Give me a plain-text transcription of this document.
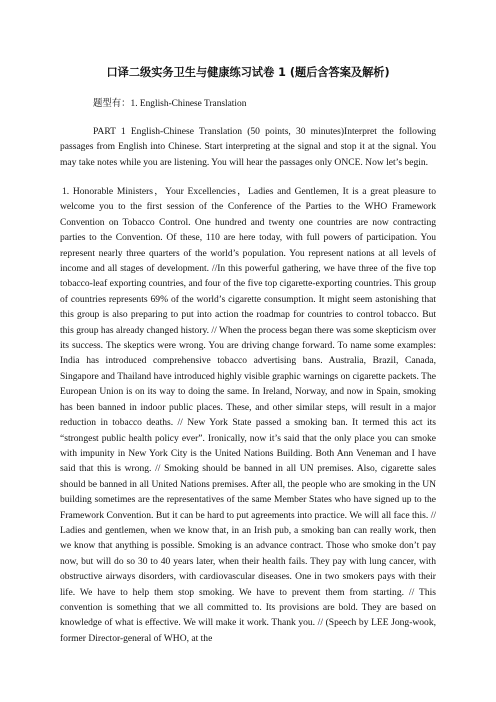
口译二级实务卫生与健康练习试卷 1 (题后含答案及解析)
题型有：1. English-Chinese Translation
PART 1 English-Chinese Translation (50 points, 30 minutes)Interpret the following passages from English into Chinese. Start interpreting at the signal and stop it at the signal. You may take notes while you are listening. You will hear the passages only ONCE. Now let’s begin.
1. Honorable Ministers，Your Excellencies，Ladies and Gentlemen, It is a great pleasure to welcome you to the first session of the Conference of the Parties to the WHO Framework Convention on Tobacco Control. One hundred and twenty one countries are now contracting parties to the Convention. Of these, 110 are here today, with full powers of participation. You represent nearly three quarters of the world’s population. You represent nations at all levels of income and all stages of development. //In this powerful gathering, we have three of the five top tobacco-leaf exporting countries, and four of the five top cigarette-exporting countries. This group of countries represents 69% of the world’s cigarette consumption. It might seem astonishing that this group is also preparing to put into action the roadmap for countries to control tobacco. But this group has already changed history. // When the process began there was some skepticism over its success. The skeptics were wrong. You are driving change forward. To name some examples: India has introduced comprehensive tobacco advertising bans. Australia, Brazil, Canada, Singapore and Thailand have introduced highly visible graphic warnings on cigarette packets. The European Union is on its way to doing the same. In Ireland, Norway, and now in Spain, smoking has been banned in indoor public places. These, and other similar steps, will result in a major reduction in tobacco deaths. // New York State passed a smoking ban. It termed this act its “strongest public health policy ever”. Ironically, now it’s said that the only place you can smoke with impunity in New York City is the United Nations Building. Both Ann Veneman and I have said that this is wrong. // Smoking should be banned in all UN premises. Also, cigarette sales should be banned in all United Nations premises. After all, the people who are smoking in the UN building sometimes are the representatives of the same Member States who have signed up to the Framework Convention. But it can be hard to put agreements into practice. We will all face this. // Ladies and gentlemen, when we know that, in an Irish pub, a smoking ban can really work, then we know that anything is possible. Smoking is an advance contract. Those who smoke don’t pay now, but will do so 30 to 40 years later, when their health fails. They pay with lung cancer, with obstructive airways disorders, with cardiovascular diseases. One in two smokers pays with their life. We have to help them stop smoking. We have to prevent them from starting. // This convention is something that we all committed to. Its provisions are bold. They are based on knowledge of what is effective. We will make it work. Thank you. // (Speech by LEE Jong-wook, former Director-general of WHO, at the
